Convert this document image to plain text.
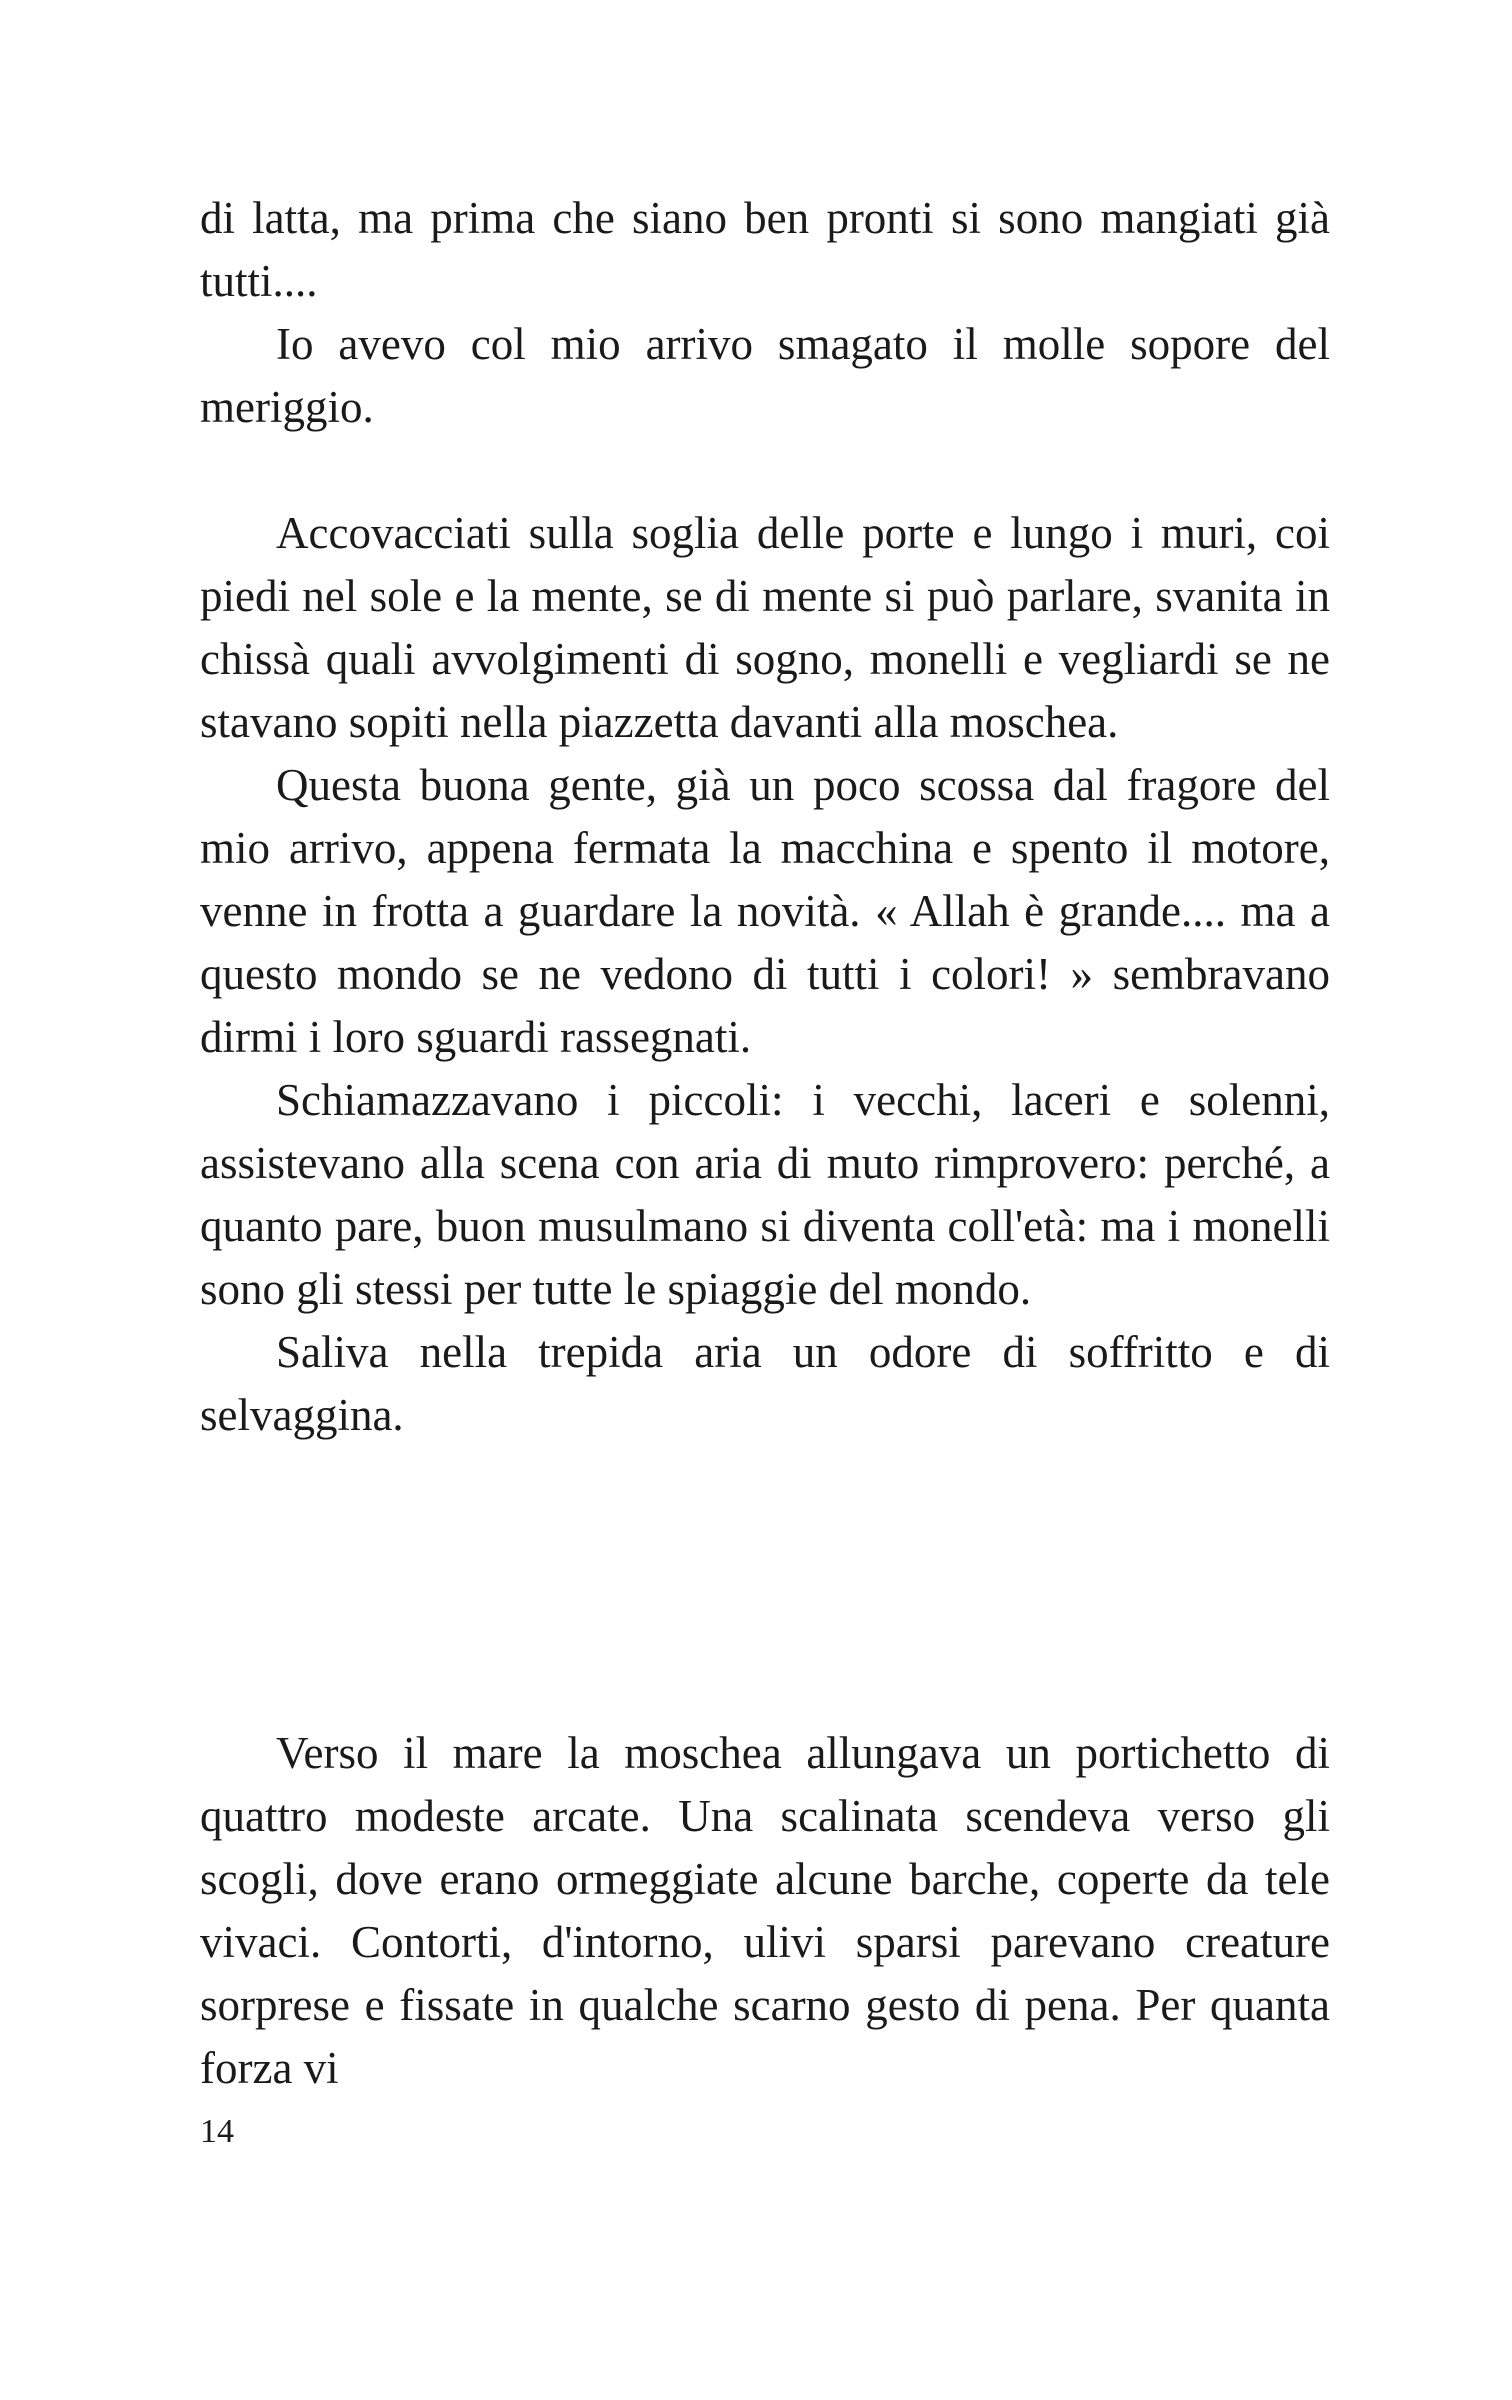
di latta, ma prima che siano ben pronti si sono mangiati già tutti....

Io avevo col mio arrivo smagato il molle sopore del meriggio.

Accovacciati sulla soglia delle porte e lungo i muri, coi piedi nel sole e la mente, se di mente si può parlare, svanita in chissà quali avvolgimenti di sogno, monelli e vegliardi se ne stavano sopiti nella piazzetta davanti alla moschea.

Questa buona gente, già un poco scossa dal fragore del mio arrivo, appena fermata la macchina e spento il motore, venne in frotta a guardare la novità. « Allah è grande.... ma a questo mondo se ne vedono di tutti i colori! » sembravano dirmi i loro sguardi rassegnati.

Schiamazzavano i piccoli: i vecchi, laceri e solenni, assistevano alla scena con aria di muto rimprovero: perché, a quanto pare, buon musulmano si diventa coll'età: ma i monelli sono gli stessi per tutte le spiaggie del mondo.

Saliva nella trepida aria un odore di soffritto e di selvaggina.

Verso il mare la moschea allungava un portichetto di quattro modeste arcate. Una scalinata scendeva verso gli scogli, dove erano ormeggiate alcune barche, coperte da tele vivaci. Contorti, d'intorno, ulivi sparsi parevano creature sorprese e fissate in qualche scarno gesto di pena. Per quanta forza vi

14
